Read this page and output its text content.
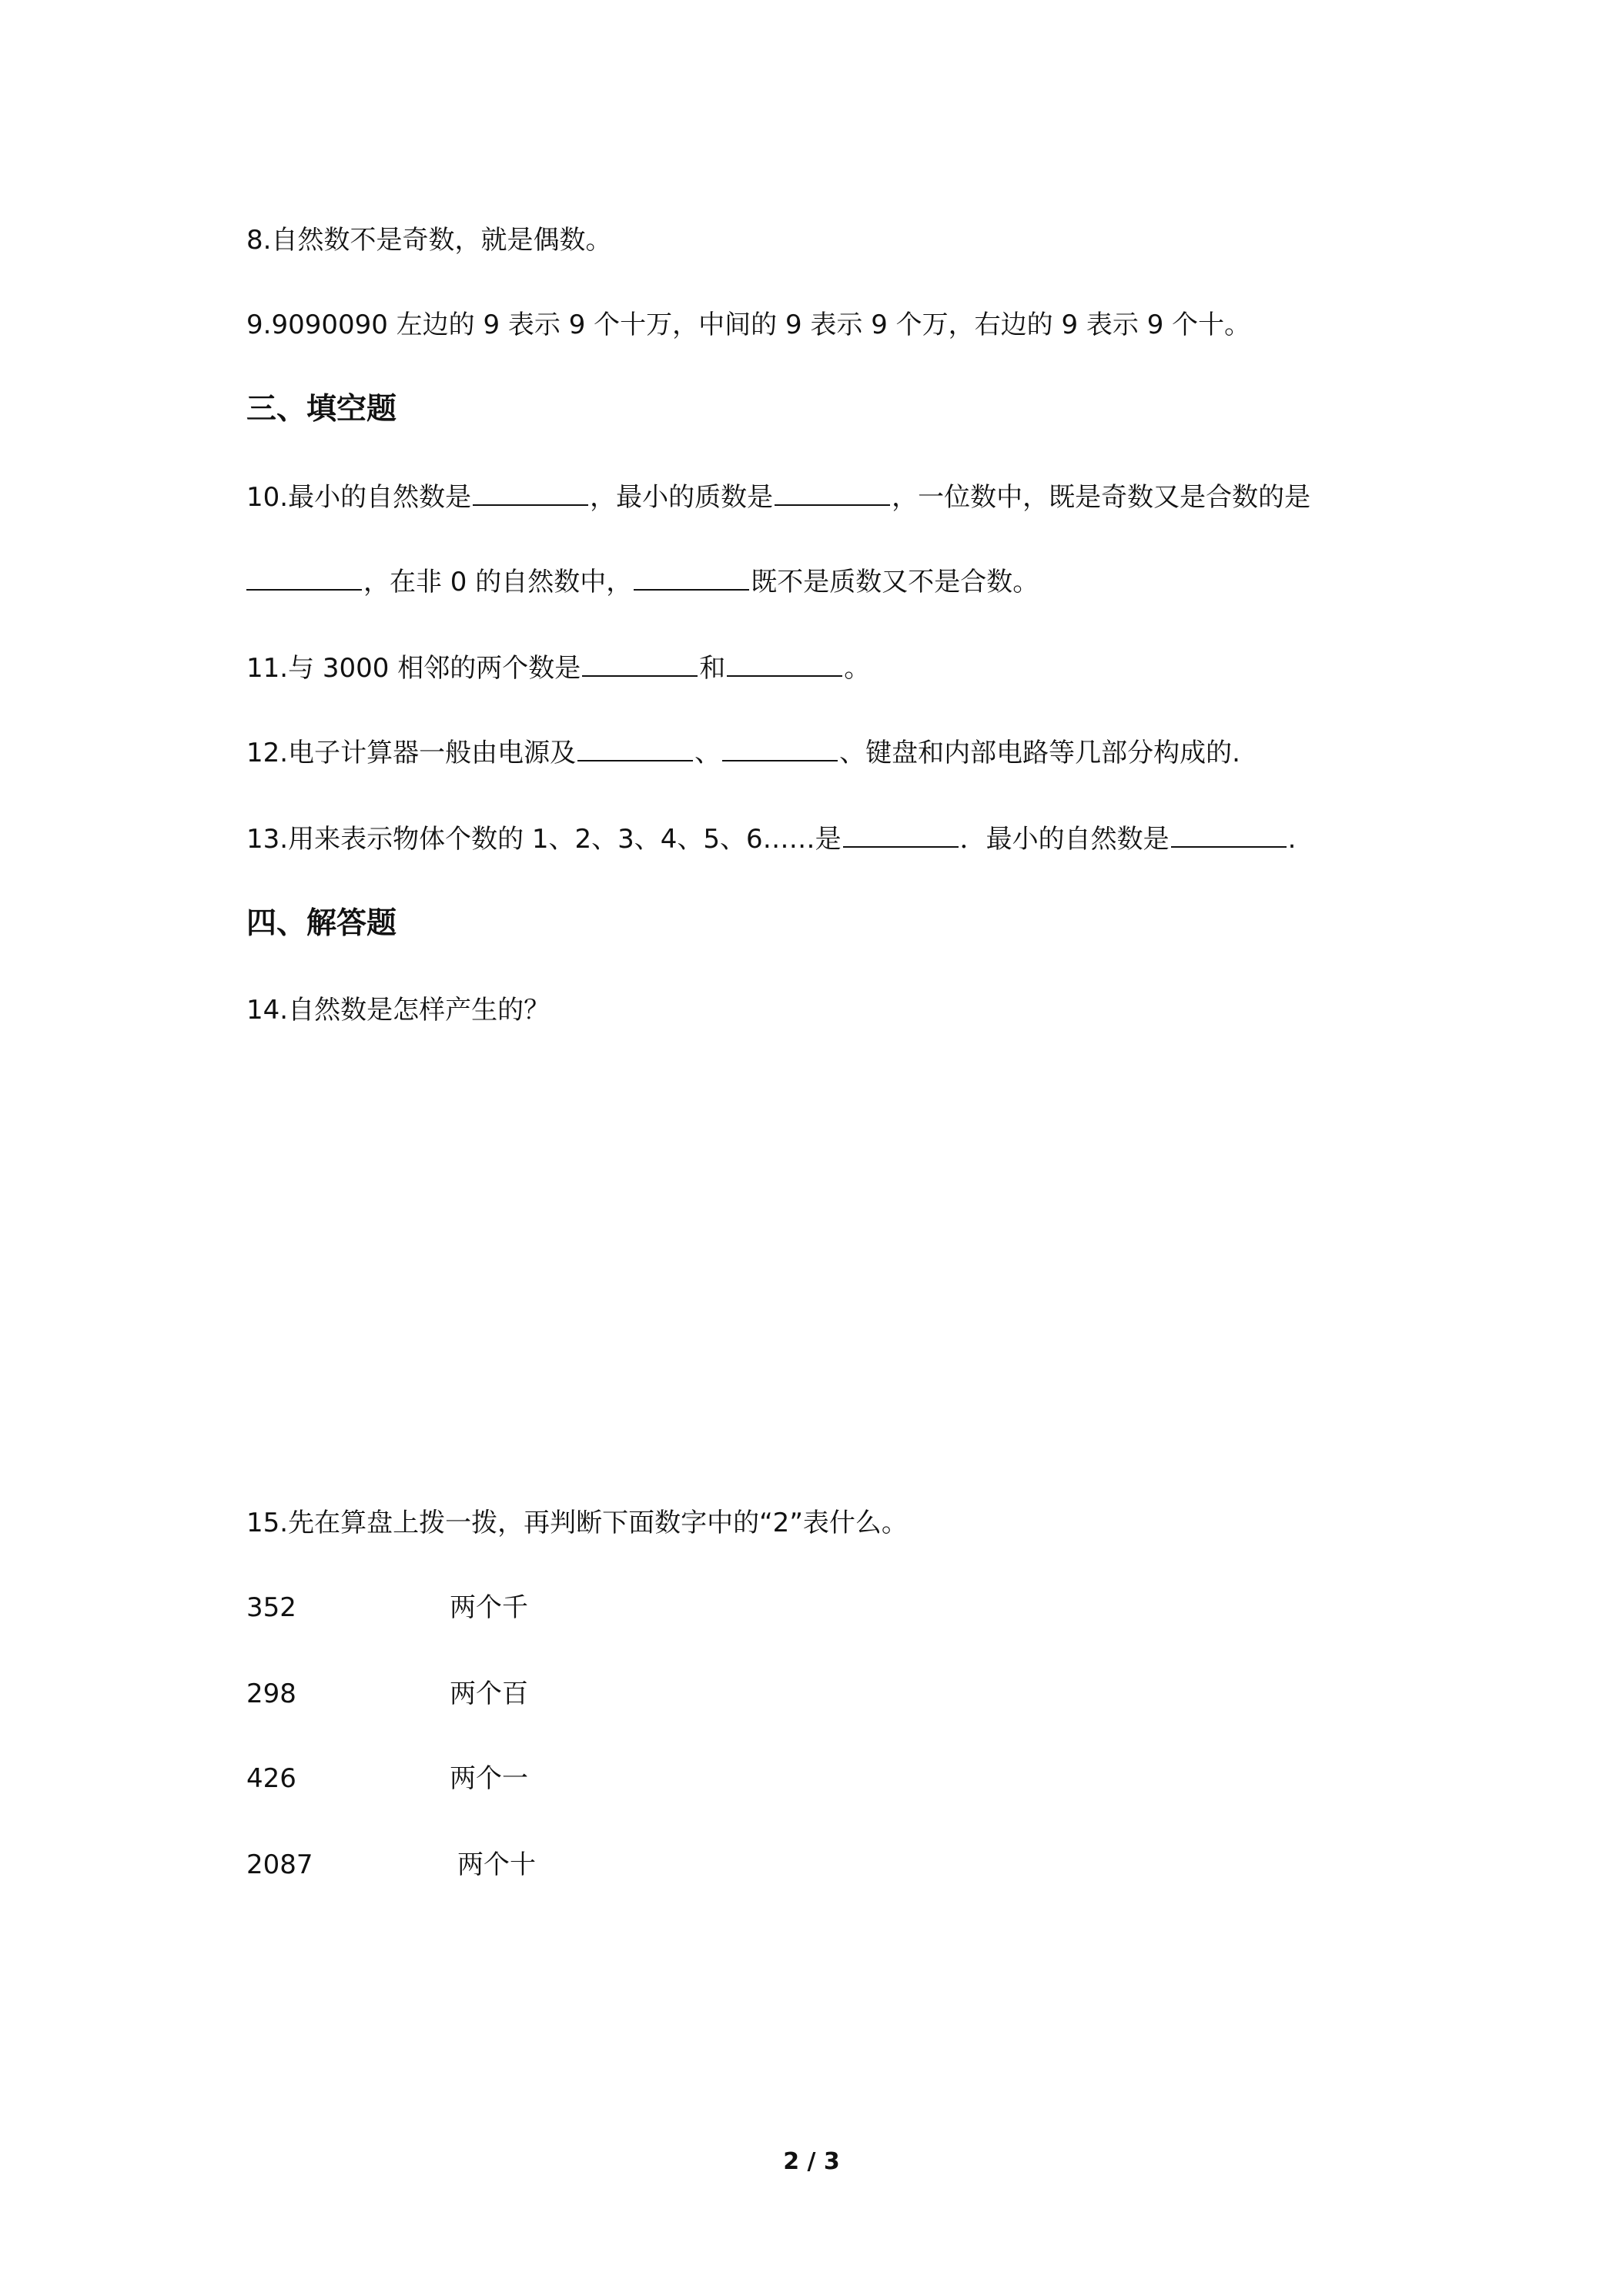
8.自然数不是奇数，就是偶数。
9.9090090 左边的 9 表示 9 个十万，中间的 9 表示 9 个万，右边的 9 表示 9 个十。
三、填空题
10.最小的自然数是	，最小的质数是	，一位数中，既是奇数又是合数的是
，在非 0 的自然数中，	既不是质数又不是合数。
11.与 3000 相邻的两个数是	和	。
12.电子计算器一般由电源及	、	、键盘和内部电路等几部分构成的.
13.用来表示物体个数的 1、2、3、4、5、6……是	．最小的自然数是	.
四、解答题
14.自然数是怎样产生的？
15.先在算盘上拨一拨，再判断下面数字中的“2”表什么。
352	两个千
298	两个百
426	两个一
2087	两个十
2 / 3
